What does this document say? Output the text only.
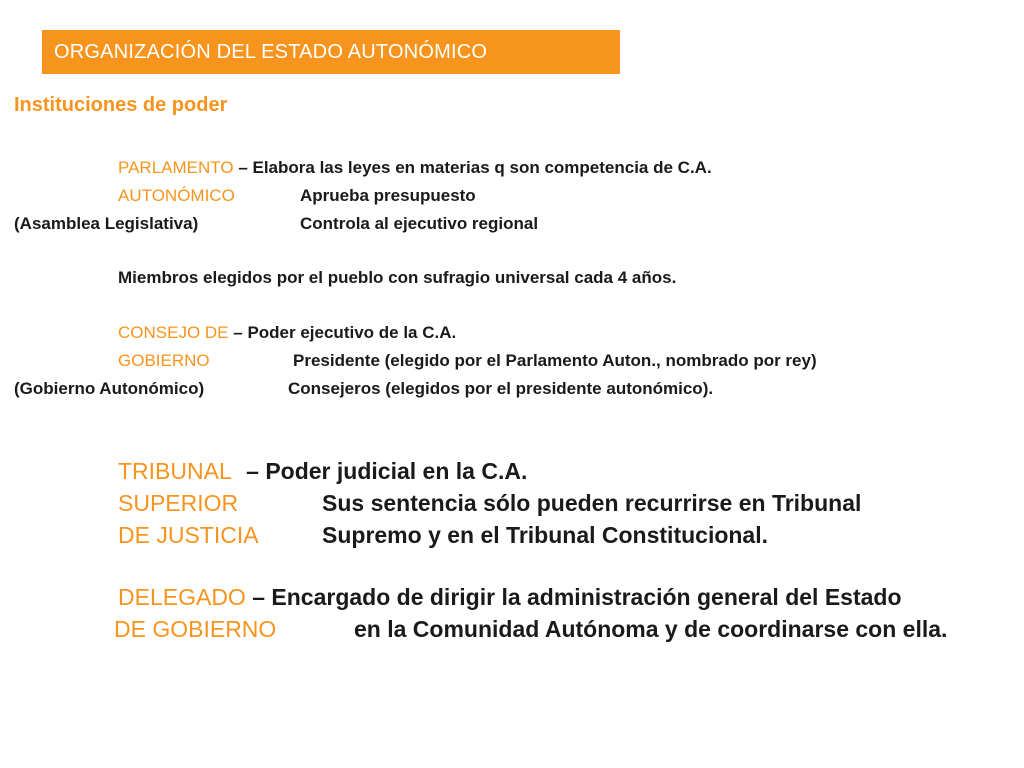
ORGANIZACIÓN DEL ESTADO AUTONÓMICO
Instituciones de poder
PARLAMENTO – Elabora las leyes en materias q son competencia de C.A.
AUTONÓMICO	Aprueba presupuesto
(Asamblea Legislativa)	Controla al ejecutivo regional
Miembros elegidos por el pueblo con sufragio universal cada 4 años.
CONSEJO DE – Poder ejecutivo de la C.A.
GOBIERNO	Presidente (elegido por el Parlamento Auton., nombrado por rey)
(Gobierno Autonómico)	Consejeros (elegidos por el presidente autonómico).
TRIBUNAL – Poder judicial en la C.A.
SUPERIOR	Sus sentencia sólo pueden recurrirse en Tribunal
DE JUSTICIA	Supremo y en el Tribunal Constitucional.
DELEGADO – Encargado de dirigir la administración general del Estado
DE GOBIERNO	en la Comunidad Autónoma y de coordinarse con ella.
